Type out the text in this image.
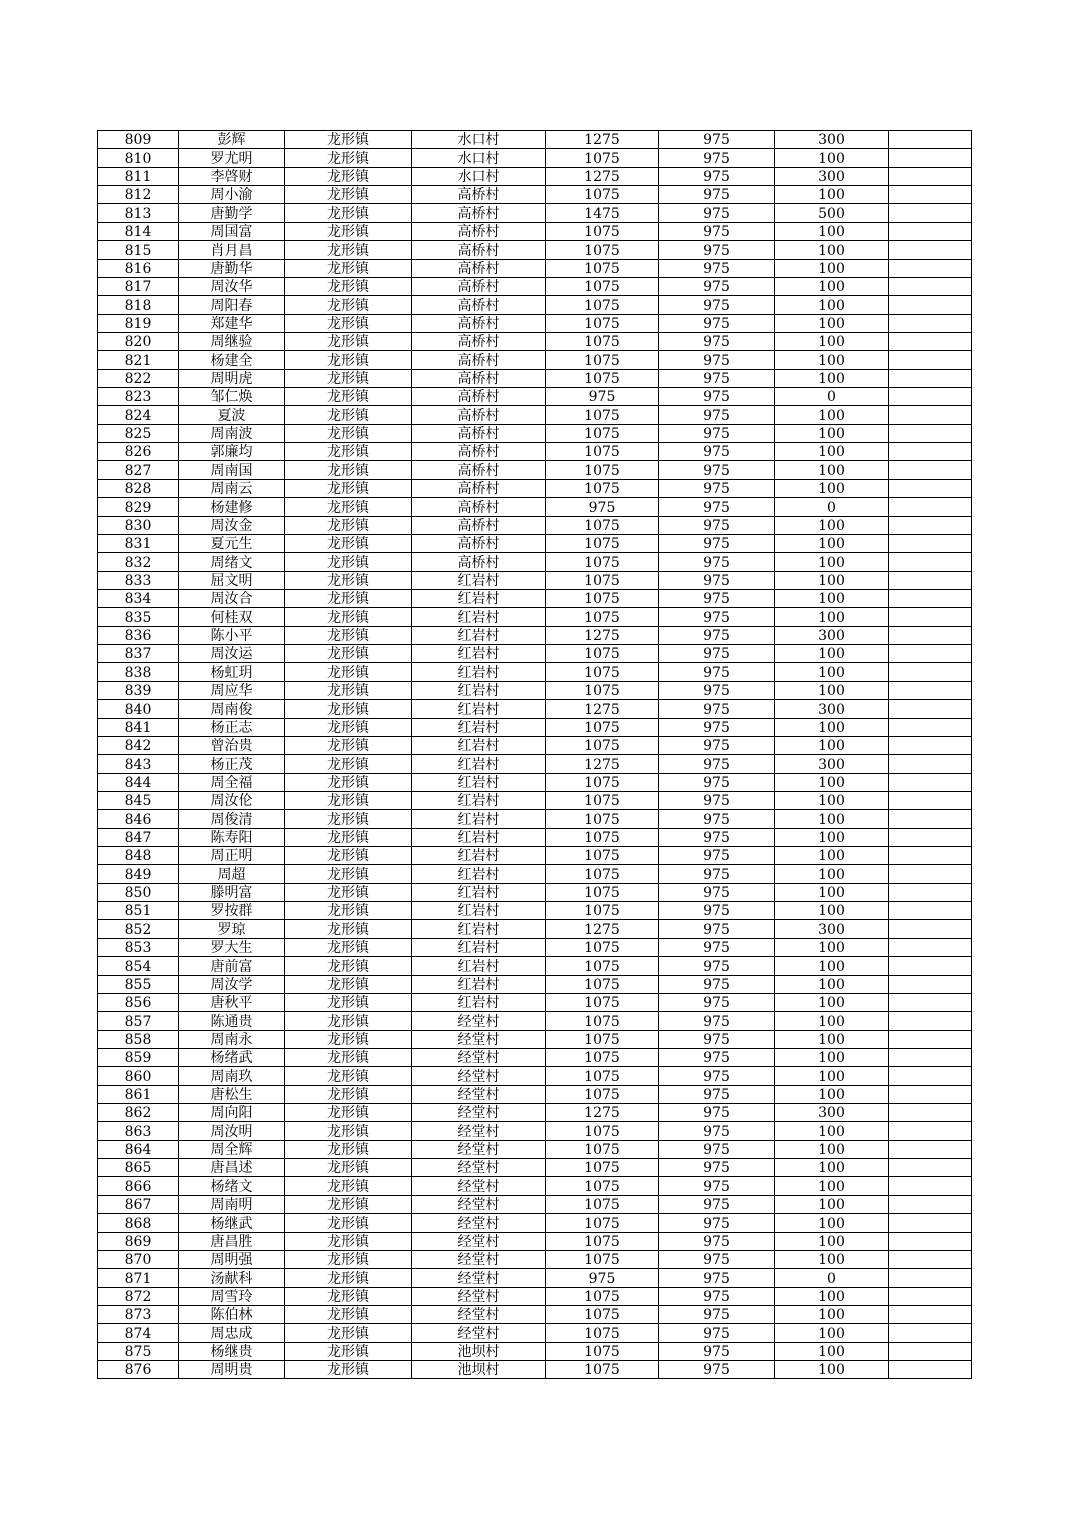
809	彭辉	龙形镇	水口村	1275	975	300	
810	罗尤明	龙形镇	水口村	1075	975	100	
811	李啓财	龙形镇	水口村	1275	975	300	
812	周小渝	龙形镇	高桥村	1075	975	100	
813	唐勤学	龙形镇	高桥村	1475	975	500	
814	周国富	龙形镇	高桥村	1075	975	100	
815	肖月昌	龙形镇	高桥村	1075	975	100	
816	唐勤华	龙形镇	高桥村	1075	975	100	
817	周汝华	龙形镇	高桥村	1075	975	100	
818	周阳春	龙形镇	高桥村	1075	975	100	
819	郑建华	龙形镇	高桥村	1075	975	100	
820	周继验	龙形镇	高桥村	1075	975	100	
821	杨建全	龙形镇	高桥村	1075	975	100	
822	周明虎	龙形镇	高桥村	1075	975	100	
823	邹仁焕	龙形镇	高桥村	975	975	0	
824	夏波	龙形镇	高桥村	1075	975	100	
825	周南波	龙形镇	高桥村	1075	975	100	
826	郭廉均	龙形镇	高桥村	1075	975	100	
827	周南国	龙形镇	高桥村	1075	975	100	
828	周南云	龙形镇	高桥村	1075	975	100	
829	杨建修	龙形镇	高桥村	975	975	0	
830	周汝金	龙形镇	高桥村	1075	975	100	
831	夏元生	龙形镇	高桥村	1075	975	100	
832	周绪文	龙形镇	高桥村	1075	975	100	
833	屈文明	龙形镇	红岩村	1075	975	100	
834	周汝合	龙形镇	红岩村	1075	975	100	
835	何桂双	龙形镇	红岩村	1075	975	100	
836	陈小平	龙形镇	红岩村	1275	975	300	
837	周汝运	龙形镇	红岩村	1075	975	100	
838	杨虹玥	龙形镇	红岩村	1075	975	100	
839	周应华	龙形镇	红岩村	1075	975	100	
840	周南俊	龙形镇	红岩村	1275	975	300	
841	杨正志	龙形镇	红岩村	1075	975	100	
842	曾治贵	龙形镇	红岩村	1075	975	100	
843	杨正茂	龙形镇	红岩村	1275	975	300	
844	周全福	龙形镇	红岩村	1075	975	100	
845	周汝伦	龙形镇	红岩村	1075	975	100	
846	周俊清	龙形镇	红岩村	1075	975	100	
847	陈寿阳	龙形镇	红岩村	1075	975	100	
848	周正明	龙形镇	红岩村	1075	975	100	
849	周超	龙形镇	红岩村	1075	975	100	
850	滕明富	龙形镇	红岩村	1075	975	100	
851	罗按群	龙形镇	红岩村	1075	975	100	
852	罗琼	龙形镇	红岩村	1275	975	300	
853	罗大生	龙形镇	红岩村	1075	975	100	
854	唐前富	龙形镇	红岩村	1075	975	100	
855	周汝学	龙形镇	红岩村	1075	975	100	
856	唐秋平	龙形镇	红岩村	1075	975	100	
857	陈通贵	龙形镇	经堂村	1075	975	100	
858	周南永	龙形镇	经堂村	1075	975	100	
859	杨绪武	龙形镇	经堂村	1075	975	100	
860	周南玖	龙形镇	经堂村	1075	975	100	
861	唐松生	龙形镇	经堂村	1075	975	100	
862	周向阳	龙形镇	经堂村	1275	975	300	
863	周汝明	龙形镇	经堂村	1075	975	100	
864	周全辉	龙形镇	经堂村	1075	975	100	
865	唐昌述	龙形镇	经堂村	1075	975	100	
866	杨绪文	龙形镇	经堂村	1075	975	100	
867	周南明	龙形镇	经堂村	1075	975	100	
868	杨继武	龙形镇	经堂村	1075	975	100	
869	唐昌胜	龙形镇	经堂村	1075	975	100	
870	周明强	龙形镇	经堂村	1075	975	100	
871	汤献科	龙形镇	经堂村	975	975	0	
872	周雪玲	龙形镇	经堂村	1075	975	100	
873	陈伯林	龙形镇	经堂村	1075	975	100	
874	周忠成	龙形镇	经堂村	1075	975	100	
875	杨继贵	龙形镇	池坝村	1075	975	100	
876	周明贵	龙形镇	池坝村	1075	975	100	
